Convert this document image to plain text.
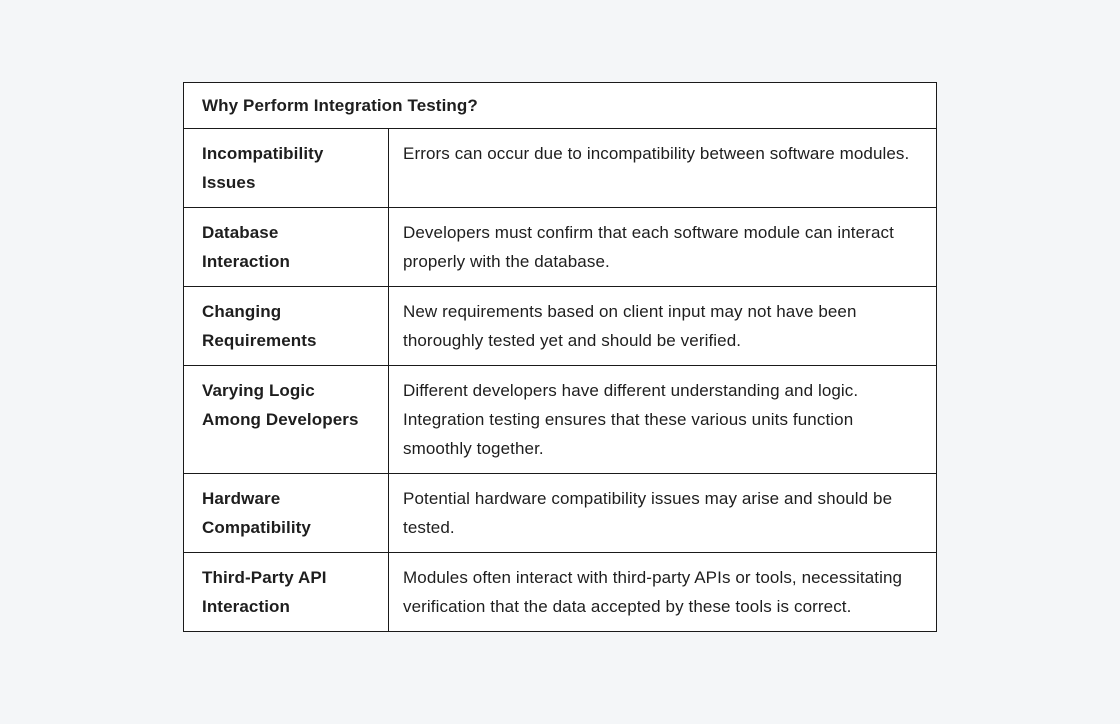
Why Perform Integration Testing?
Incompatibility Issues
Errors can occur due to incompatibility between software modules.
Database Interaction
Developers must confirm that each software module can interact properly with the database.
Changing Requirements
New requirements based on client input may not have been thoroughly tested yet and should be verified.
Varying Logic Among Developers
Different developers have different understanding and logic. Integration testing ensures that these various units function smoothly together.
Hardware Compatibility
Potential hardware compatibility issues may arise and should be tested.
Third-Party API Interaction
Modules often interact with third-party APIs or tools, necessitating verification that the data accepted by these tools is correct.
